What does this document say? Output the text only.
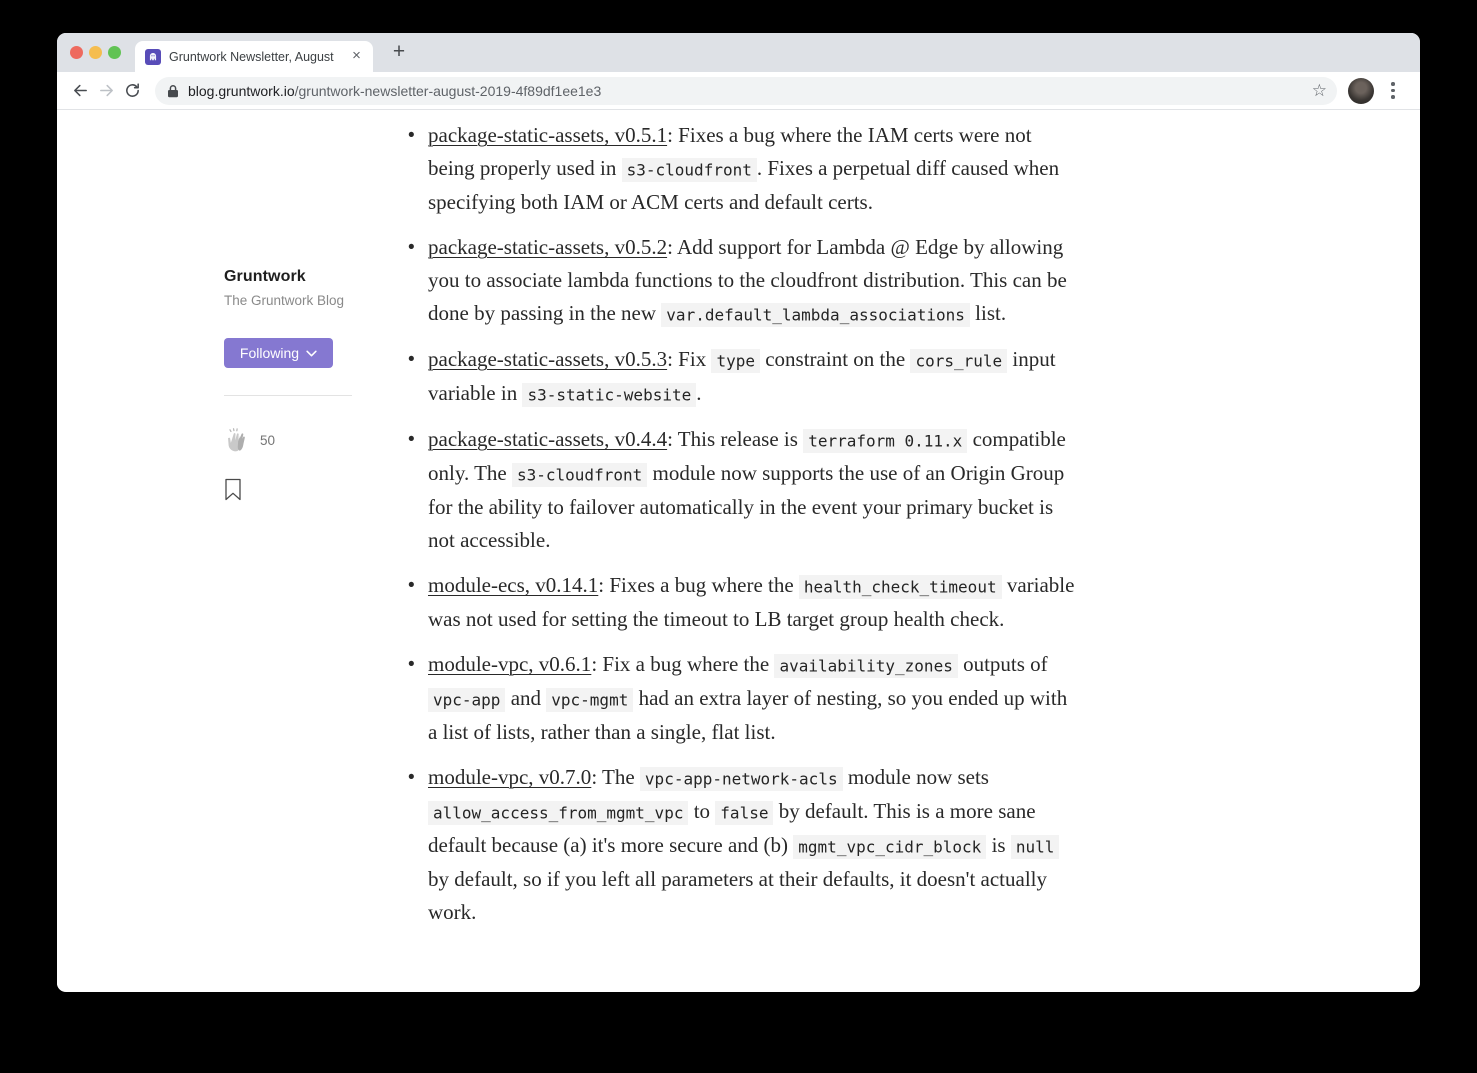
Gruntwork Newsletter, August	×	+
blog.gruntwork.io/gruntwork-newsletter-august-2019-4f89df1ee1e3	☆
Gruntwork
The Gruntwork Blog
Following
50
• package-static-assets, v0.5.1: Fixes a bug where the IAM certs were not being properly used in s3-cloudfront . Fixes a perpetual diff caused when specifying both IAM or ACM certs and default certs.
• package-static-assets, v0.5.2: Add support for Lambda @ Edge by allowing you to associate lambda functions to the cloudfront distribution. This can be done by passing in the new var.default_lambda_associations list.
• package-static-assets, v0.5.3: Fix type constraint on the cors_rule input variable in s3-static-website .
• package-static-assets, v0.4.4: This release is terraform 0.11.x compatible only. The s3-cloudfront module now supports the use of an Origin Group for the ability to failover automatically in the event your primary bucket is not accessible.
• module-ecs, v0.14.1: Fixes a bug where the health_check_timeout variable was not used for setting the timeout to LB target group health check.
• module-vpc, v0.6.1: Fix a bug where the availability_zones outputs of vpc-app and vpc-mgmt had an extra layer of nesting, so you ended up with a list of lists, rather than a single, flat list.
• module-vpc, v0.7.0: The vpc-app-network-acls module now sets allow_access_from_mgmt_vpc to false by default. This is a more sane default because (a) it's more secure and (b) mgmt_vpc_cidr_block is null by default, so if you left all parameters at their defaults, it doesn't actually work.
